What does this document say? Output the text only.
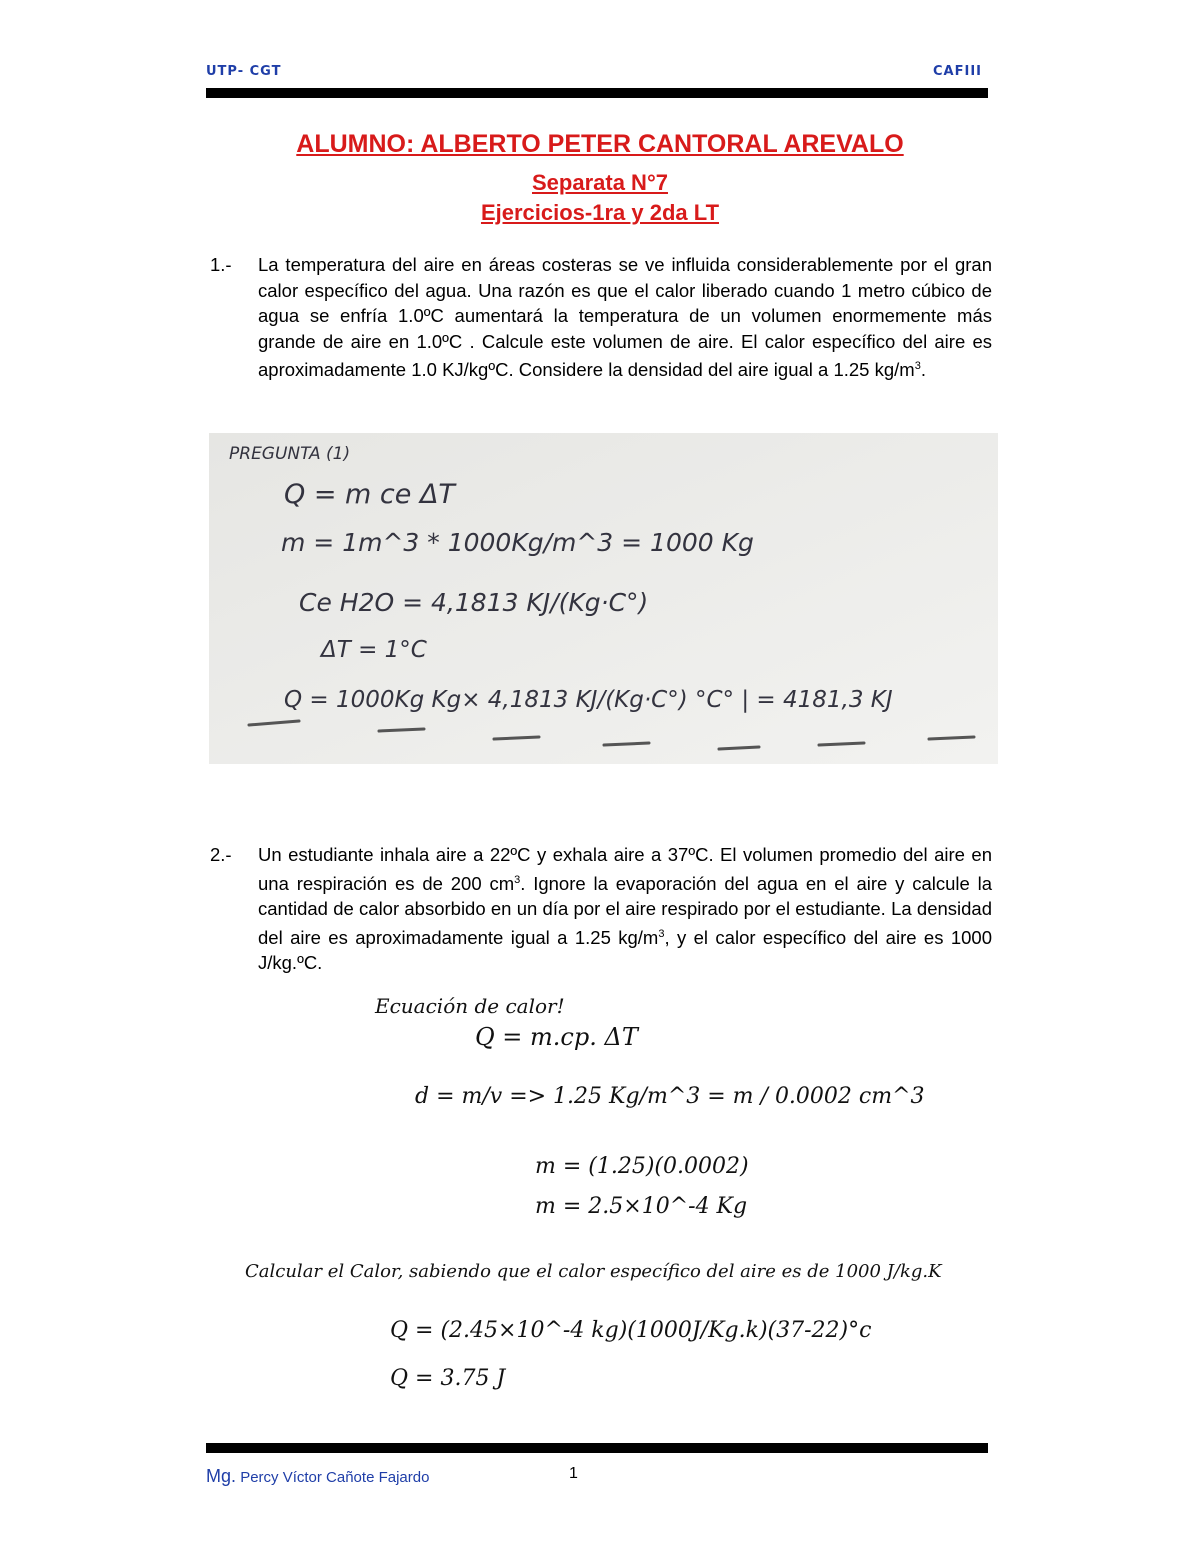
UTP- CGT	CAFIII
ALUMNO: ALBERTO PETER CANTORAL AREVALO
Separata N°7
Ejercicios-1ra y 2da LT
1.- La temperatura del aire en áreas costeras se ve influida considerablemente por el gran calor específico del agua. Una razón es que el calor liberado cuando 1 metro cúbico de agua se enfría 1.0ºC aumentará la temperatura de un volumen enormemente más grande de aire en 1.0ºC . Calcule este volumen de aire. El calor específico del aire es aproximadamente 1.0 KJ/kgºC. Considere la densidad del aire igual a 1.25 $kg/m^3$.
PREGUNTA (1)
Q = m ce ΔT
m = 1m^3 * 1000Kg/m^3 = 1000 Kg
Ce H2O = 4,1813 KJ/(Kg·C°)
ΔT = 1°C
Q = 1000Kg Kg× 4,1813 KJ/(Kg·C°) °C° | = 4181,3 KJ
2.- Un estudiante inhala aire a 22ºC y exhala aire a 37ºC. El volumen promedio del aire en una respiración es de 200 $cm^3$. Ignore la evaporación del agua en el aire y calcule la cantidad de calor absorbido en un día por el aire respirado por el estudiante. La densidad del aire es aproximadamente igual a 1.25 $kg/m^3$, y el calor específico del aire es 1000 J/kg.ºC.
Ecuación de calor!
Q = m.cp. ΔT
d = m/v => 1.25 Kg/m^3 = m / 0.0002 cm^3
m = (1.25)(0.0002)
m = 2.5×10^-4 Kg
Calcular el Calor, sabiendo que el calor específico del aire es de 1000 J/kg.K
Q = (2.45×10^-4 kg)(1000J/Kg.k)(37-22)°c
Q = 3.75 J
Mg. Percy Víctor Cañote Fajardo	1
